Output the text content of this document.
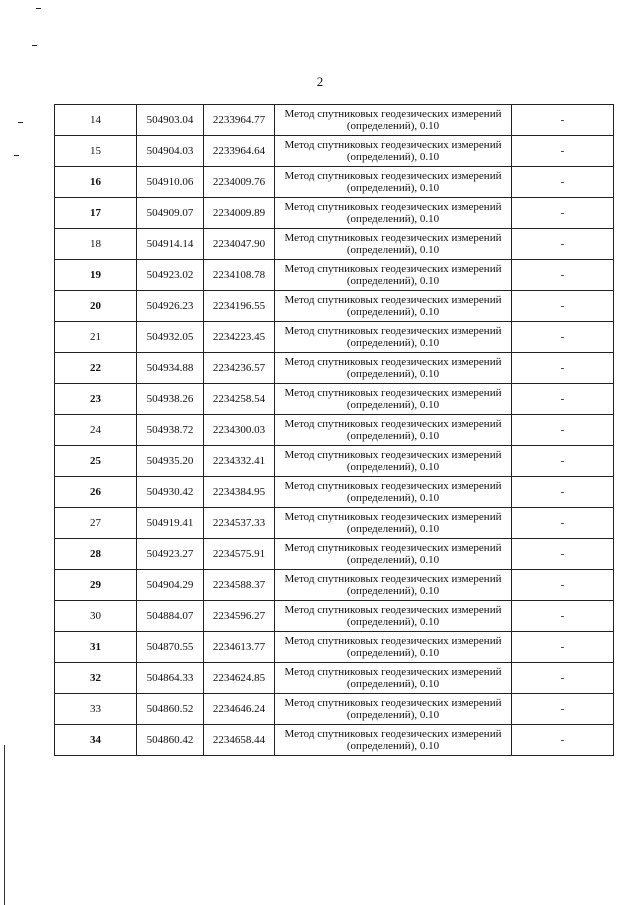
2
14	504903.04	2233964.77	Метод спутниковых геодезических измерений (определений), 0.10	-
15	504904.03	2233964.64	Метод спутниковых геодезических измерений (определений), 0.10	-
16	504910.06	2234009.76	Метод спутниковых геодезических измерений (определений), 0.10	-
17	504909.07	2234009.89	Метод спутниковых геодезических измерений (определений), 0.10	-
18	504914.14	2234047.90	Метод спутниковых геодезических измерений (определений), 0.10	-
19	504923.02	2234108.78	Метод спутниковых геодезических измерений (определений), 0.10	-
20	504926.23	2234196.55	Метод спутниковых геодезических измерений (определений), 0.10	-
21	504932.05	2234223.45	Метод спутниковых геодезических измерений (определений), 0.10	-
22	504934.88	2234236.57	Метод спутниковых геодезических измерений (определений), 0.10	-
23	504938.26	2234258.54	Метод спутниковых геодезических измерений (определений), 0.10	-
24	504938.72	2234300.03	Метод спутниковых геодезических измерений (определений), 0.10	-
25	504935.20	2234332.41	Метод спутниковых геодезических измерений (определений), 0.10	-
26	504930.42	2234384.95	Метод спутниковых геодезических измерений (определений), 0.10	-
27	504919.41	2234537.33	Метод спутниковых геодезических измерений (определений), 0.10	-
28	504923.27	2234575.91	Метод спутниковых геодезических измерений (определений), 0.10	-
29	504904.29	2234588.37	Метод спутниковых геодезических измерений (определений), 0.10	-
30	504884.07	2234596.27	Метод спутниковых геодезических измерений (определений), 0.10	-
31	504870.55	2234613.77	Метод спутниковых геодезических измерений (определений), 0.10	-
32	504864.33	2234624.85	Метод спутниковых геодезических измерений (определений), 0.10	-
33	504860.52	2234646.24	Метод спутниковых геодезических измерений (определений), 0.10	-
34	504860.42	2234658.44	Метод спутниковых геодезических измерений (определений), 0.10	-
